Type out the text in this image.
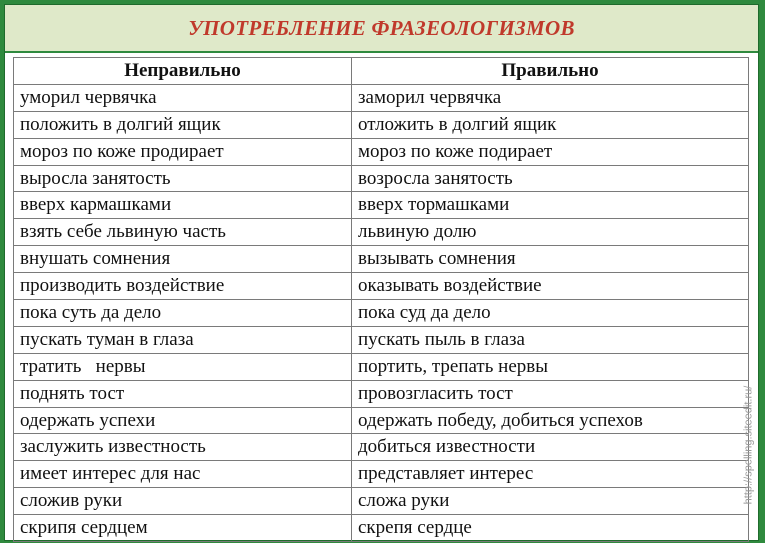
УПОТРЕБЛЕНИЕ ФРАЗЕОЛОГИЗМОВ
Неправильно	Правильно
уморил червячка	заморил червячка
положить в долгий ящик	отложить в долгий ящик
мороз по коже продирает	мороз по коже подирает
выросла занятость	возросла занятость
вверх кармашками	вверх тормашками
взять себе львиную часть	львиную долю
внушать сомнения	вызывать сомнения
производить воздействие	оказывать воздействие
пока суть да дело	пока суд да дело
пускать туман в глаза	пускать пыль в глаза
тратить   нервы	портить, трепать нервы
поднять тост	провозгласить тост
одержать успехи	одержать победу, добиться успехов
заслужить известность	добиться известности
имеет интерес для нас	представляет интерес
сложив руки	сложа руки
скрипя сердцем	скрепя сердце
http://spelling.siteedit.ru/
